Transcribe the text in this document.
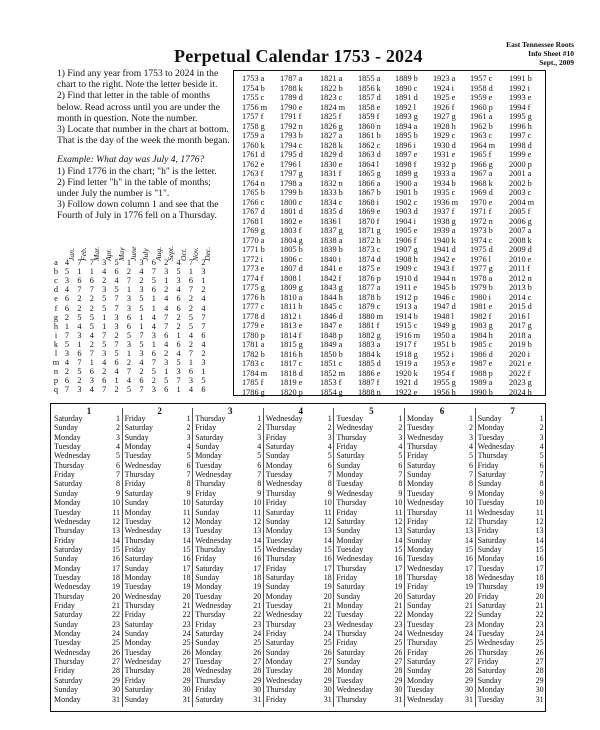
East Tennessee Roots
Info Sheet #10
Sept., 2009
Perpetual Calendar 1753 - 2024

1) Find any year from 1753 to 2024 in the chart to the right. Note the letter beside it.

2) Find that letter in the table of months below. Read across until you are under the month in question. Note the number.

3) Locate that number in the chart at bottom. That is the day of the week the month began.

Example: What day was July 4, 1776?

1) Find 1776 in the chart; "h" is the letter.

2) Find letter "h" in the table of months; under July the number is "1".

3) Follow down column 1 and see that the Fourth of July in 1776 fell on a Thursday.

Jan. Feb. Mar. Apr. May June July Aug. Sept. Oct. Nov. Dec.
a 4 7 7 3 5 1 3 6 2 4 7 2
b 5 1 1 4 6 2 4 7 3 5 1 3
c 3 6 6 2 4 7 2 5 1 3 6 1
d 4 7 7 3 5 1 3 6 2 4 7 2
e 6 2 2 5 7 3 5 1 4 6 2 4
f 6 2 2 5 7 3 5 1 4 6 2 4
g 2 5 5 1 3 6 1 4 7 2 5 7
h 1 4 5 1 3 6 1 4 7 2 5 7
i 7 3 4 7 2 5 7 3 6 1 4 6
k 5 1 2 5 7 3 5 1 4 6 2 4
l 3 6 7 3 5 1 3 6 2 4 7 2
m 4 7 1 4 6 2 4 7 3 5 1 3
n 2 5 6 2 4 7 2 5 1 3 6 1
p 6 2 3 6 1 4 6 2 5 7 3 5
q 7 3 4 7 2 5 7 3 6 1 4 6
1753 a
1754 b
1755 c
1756 m
1757 f
1758 g
1759 a
1760 k
1761 d
1762 e
1763 f
1764 n
1765 b
1766 c
1767 d
1768 l
1769 g
1770 a
1771 b
1772 i
1773 e
1774 f
1775 g
1776 h
1777 c
1778 d
1779 e
1780 p
1781 a
1782 b
1783 c
1784 m
1785 f
1786 g
1787 a
1788 k
1789 d
1790 e
1791 f
1792 n
1793 b
1794 c
1795 d
1796 l
1797 g
1798 a
1799 b
1800 c
1801 d
1802 e
1803 f
1804 g
1805 b
1806 c
1807 d
1808 l
1809 g
1810 a
1811 b
1812 i
1813 e
1814 f
1815 g
1816 h
1817 c
1818 d
1819 e
1820 p
1821 a
1822 b
1823 c
1824 m
1825 f
1826 g
1827 a
1828 k
1829 d
1830 e
1831 f
1832 n
1833 b
1834 c
1835 d
1836 l
1837 g
1838 a
1839 b
1840 i
1841 e
1842 f
1843 g
1844 h
1845 c
1846 d
1847 e
1848 p
1849 a
1850 b
1851 c
1852 m
1853 f
1854 g
1855 a
1856 k
1857 d
1858 e
1859 f
1860 n
1861 b
1862 c
1863 d
1864 l
1865 g
1866 a
1867 b
1868 i
1869 e
1870 f
1871 g
1872 h
1873 c
1874 d
1875 e
1876 p
1877 a
1878 b
1879 c
1880 m
1881 f
1882 g
1883 a
1884 k
1885 d
1886 e
1887 f
1888 n
1889 b
1890 c
1891 d
1892 l
1893 g
1894 a
1895 b
1896 i
1897 e
1898 f
1899 g
1900 a
1901 b
1902 c
1903 d
1904 i
1905 e
1906 f
1907 g
1908 h
1909 c
1910 d
1911 e
1912 p
1913 a
1914 b
1915 c
1916 m
1917 f
1918 g
1919 a
1920 k
1921 d
1922 e
1923 a
1924 i
1925 e
1926 f
1927 g
1928 h
1929 c
1930 d
1931 e
1932 p
1933 a
1934 b
1935 c
1936 m
1937 f
1938 g
1939 a
1940 k
1941 d
1942 e
1943 f
1944 n
1945 b
1946 c
1947 d
1948 l
1949 g
1950 a
1951 b
1952 i
1953 e
1954 f
1955 g
1956 h
1957 c
1958 d
1959 e
1960 p
1961 a
1962 b
1963 c
1964 m
1965 f
1966 g
1967 a
1968 k
1969 d
1970 e
1971 f
1972 n
1973 b
1974 c
1975 d
1976 l
1977 g
1978 a
1979 b
1980 i
1981 e
1982 f
1983 g
1984 h
1985 c
1986 d
1987 e
1988 p
1989 a
1990 b
1991 b
1992 i
1993 e
1994 f
1995 g
1996 h
1997 c
1998 d
1999 e
2000 p
2001 a
2002 b
2003 c
2004 m
2005 f
2006 g
2007 a
2008 k
2009 d
2010 e
2011 f
2012 n
2013 b
2014 c
2015 d
2016 l
2017 g
2018 a
2019 b
2020 i
2021 e
2022 f
2023 g
2024 h
1
Saturday	1
Sunday	2
Monday	3
Tuesday	4
Wednesday	5
Thursday	6
Friday	7
Saturday	8
Sunday	9
Monday	10
Tuesday	11
Wednesday	12
Thursday	13
Friday	14
Saturday	15
Sunday	16
Monday	17
Tuesday	18
Wednesday	19
Thursday	20
Friday	21
Saturday	22
Sunday	23
Monday	24
Tuesday	25
Wednesday	26
Thursday	27
Friday	28
Saturday	29
Sunday	30
Monday	31
2
Friday	1
Saturday	2
Sunday	3
Monday	4
Tuesday	5
Wednesday	6
Thursday	7
Friday	8
Saturday	9
Sunday	10
Monday	11
Tuesday	12
Wednesday	13
Thursday	14
Friday	15
Saturday	16
Sunday	17
Monday	18
Tuesday	19
Wednesday	20
Thursday	21
Friday	22
Saturday	23
Sunday	24
Monday	25
Tuesday	26
Wednesday	27
Thursday	28
Friday	29
Saturday	30
Sunday	31
3
Thursday	1
Friday	2
Saturday	3
Sunday	4
Monday	5
Tuesday	6
Wednesday	7
Thursday	8
Friday	9
Saturday	10
Sunday	11
Monday	12
Tuesday	13
Wednesday	14
Thursday	15
Friday	16
Saturday	17
Sunday	18
Monday	19
Tuesday	20
Wednesday	21
Thursday	22
Friday	23
Saturday	24
Sunday	25
Monday	26
Tuesday	27
Wednesday	28
Thursday	29
Friday	30
Saturday	31
4
Wednesday	1
Thursday	2
Friday	3
Saturday	4
Sunday	5
Monday	6
Tuesday	7
Wednesday	8
Thursday	9
Friday	10
Saturday	11
Sunday	12
Monday	13
Tuesday	14
Wednesday	15
Thursday	16
Friday	17
Saturday	18
Sunday	19
Monday	20
Tuesday	21
Wednesday	22
Thursday	23
Friday	24
Saturday	25
Sunday	26
Monday	27
Tuesday	28
Wednesday	29
Thursday	30
Friday	31
5
Tuesday	1
Wednesday	2
Thursday	3
Friday	4
Saturday	5
Sunday	6
Monday	7
Tuesday	8
Wednesday	9
Thursday	10
Friday	11
Saturday	12
Sunday	13
Monday	14
Tuesday	15
Wednesday	16
Thursday	17
Friday	18
Saturday	19
Sunday	20
Monday	21
Tuesday	22
Wednesday	23
Thursday	24
Friday	25
Saturday	26
Sunday	27
Monday	28
Tuesday	29
Wednesday	30
Thursday	31
6
Monday	1
Tuesday	2
Wednesday	3
Thursday	4
Friday	5
Saturday	6
Sunday	7
Monday	8
Tuesday	9
Wednesday	10
Thursday	11
Friday	12
Saturday	13
Sunday	14
Monday	15
Tuesday	16
Wednesday	17
Thursday	18
Friday	19
Saturday	20
Sunday	21
Monday	22
Tuesday	23
Wednesday	24
Thursday	25
Friday	26
Saturday	27
Sunday	28
Monday	29
Tuesday	30
Wednesday	31
7
Sunday	1
Monday	2
Tuesday	3
Wednesday	4
Thursday	5
Friday	6
Saturday	7
Sunday	8
Monday	9
Tuesday	10
Wednesday	11
Thursday	12
Friday	13
Saturday	14
Sunday	15
Monday	16
Tuesday	17
Wednesday	18
Thursday	19
Friday	20
Saturday	21
Sunday	22
Monday	23
Tuesday	24
Wednesday	25
Thursday	26
Friday	27
Saturday	28
Sunday	29
Monday	30
Tuesday	31
